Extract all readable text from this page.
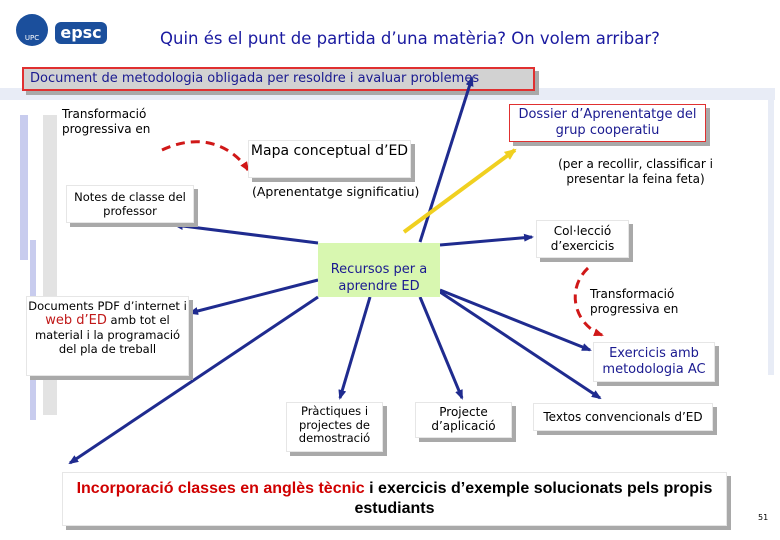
UPC	epsc	Quin és el punt de partida d’una matèria? On volem arribar?
Document de metodologia obligada per resoldre i avaluar problemes
Transformació progressiva en
Notes de classe del professor
Mapa conceptual d’ED
(Aprenentatge significatiu)
Dossier d’Aprenentatge del grup cooperatiu
(per a recollir, classificar i presentar la feina feta)
Col·lecció d’exercicis
Recursos per a aprendre ED
Documents PDF d’internet i web d’ED amb tot el material i la programació del pla de treball
Transformació progressiva en
Exercicis amb metodologia AC
Pràctiques i projectes de demostració
Projecte d’aplicació
Textos convencionals d’ED
Incorporació classes en anglès tècnic i exercicis d’exemple solucionats pels propis estudiants
51
